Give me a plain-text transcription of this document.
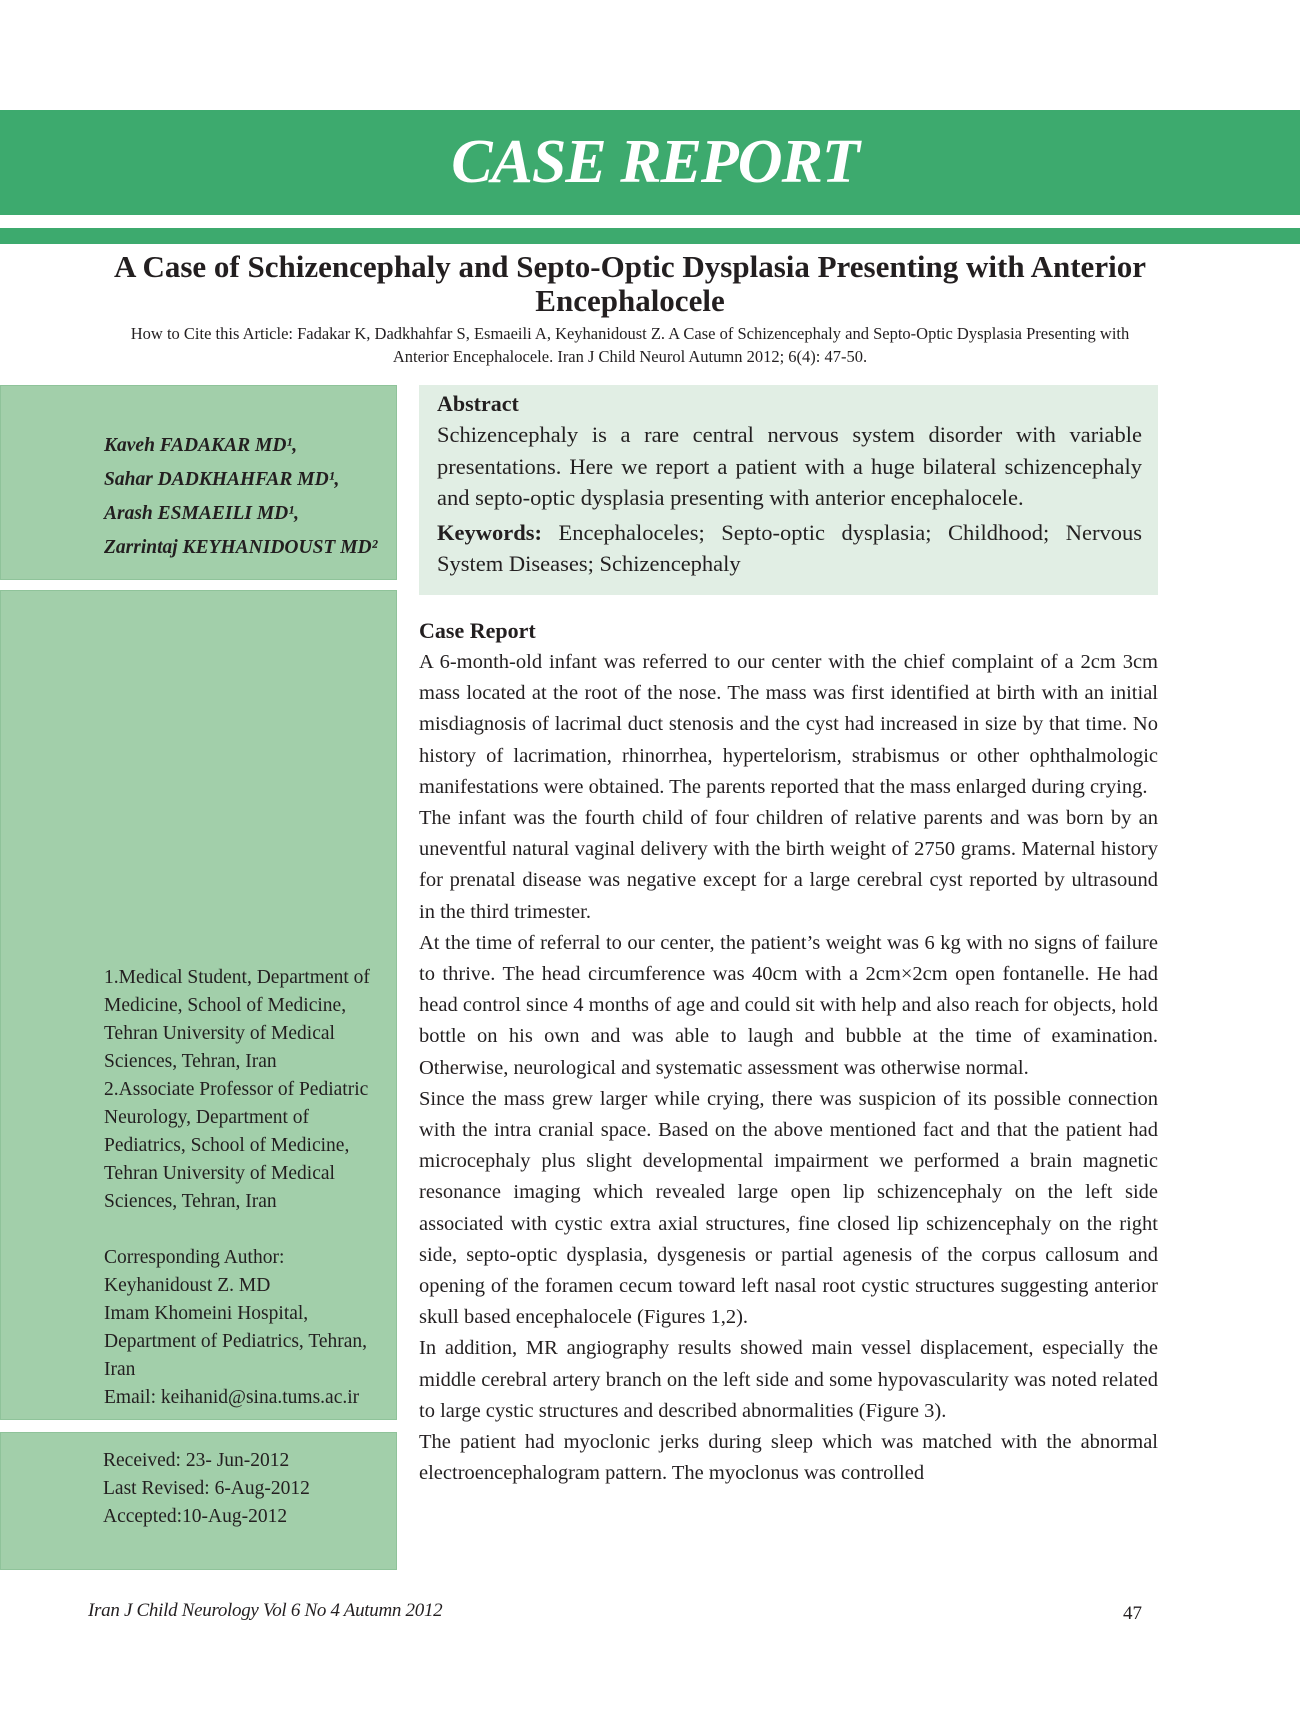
CASE REPORT
A Case of Schizencephaly and Septo-Optic Dysplasia Presenting with Anterior Encephalocele
How to Cite this Article: Fadakar K, Dadkhahfar S, Esmaeili A, Keyhanidoust Z. A Case of Schizencephaly and Septo-Optic Dysplasia Presenting with Anterior Encephalocele. Iran J Child Neurol Autumn 2012; 6(4): 47-50.
Kaveh FADAKAR MD¹,
Sahar DADKHAHFAR MD¹,
Arash ESMAEILI MD¹,
Zarrintaj KEYHANIDOUST MD²

1.Medical Student, Department of Medicine, School of Medicine, Tehran University of Medical Sciences, Tehran, Iran

2.Associate Professor of Pediatric Neurology, Department of Pediatrics, School of Medicine, Tehran University of Medical Sciences, Tehran, Iran

Corresponding Author:

Keyhanidoust Z. MD

Imam Khomeini Hospital,

Department of Pediatrics, Tehran, Iran

Email: keihanid@sina.tums.ac.ir

Received: 23- Jun-2012

Last Revised: 6-Aug-2012

Accepted:10-Aug-2012

Abstract

Schizencephaly is a rare central nervous system disorder with variable presentations. Here we report a patient with a huge bilateral schizencephaly and septo-optic dysplasia presenting with anterior encephalocele.

Keywords: Encephaloceles; Septo-optic dysplasia; Childhood; Nervous System Diseases; Schizencephaly

Case Report

A 6-month-old infant was referred to our center with the chief complaint of a 2cm 3cm mass located at the root of the nose. The mass was first identified at birth with an initial misdiagnosis of lacrimal duct stenosis and the cyst had increased in size by that time. No history of lacrimation, rhinorrhea, hypertelorism, strabismus or other ophthalmologic manifestations were obtained. The parents reported that the mass enlarged during crying.

The infant was the fourth child of four children of relative parents and was born by an uneventful natural vaginal delivery with the birth weight of 2750 grams. Maternal history for prenatal disease was negative except for a large cerebral cyst reported by ultrasound in the third trimester.

At the time of referral to our center, the patient’s weight was 6 kg with no signs of failure to thrive. The head circumference was 40cm with a 2cm×2cm open fontanelle. He had head control since 4 months of age and could sit with help and also reach for objects, hold bottle on his own and was able to laugh and bubble at the time of examination. Otherwise, neurological and systematic assessment was otherwise normal.

Since the mass grew larger while crying, there was suspicion of its possible connection with the intra cranial space. Based on the above mentioned fact and that the patient had microcephaly plus slight developmental impairment we performed a brain magnetic resonance imaging which revealed large open lip schizencephaly on the left side associated with cystic extra axial structures, fine closed lip schizencephaly on the right side, septo-optic dysplasia, dysgenesis or partial agenesis of the corpus callosum and opening of the foramen cecum toward left nasal root cystic structures suggesting anterior skull based encephalocele (Figures 1,2).

In addition, MR angiography results showed main vessel displacement, especially the middle cerebral artery branch on the left side and some hypovascularity was noted related to large cystic structures and described abnormalities (Figure 3).

The patient had myoclonic jerks during sleep which was matched with the abnormal electroencephalogram pattern. The myoclonus was controlled

Iran J Child Neurology Vol 6 No 4 Autumn 2012	47
